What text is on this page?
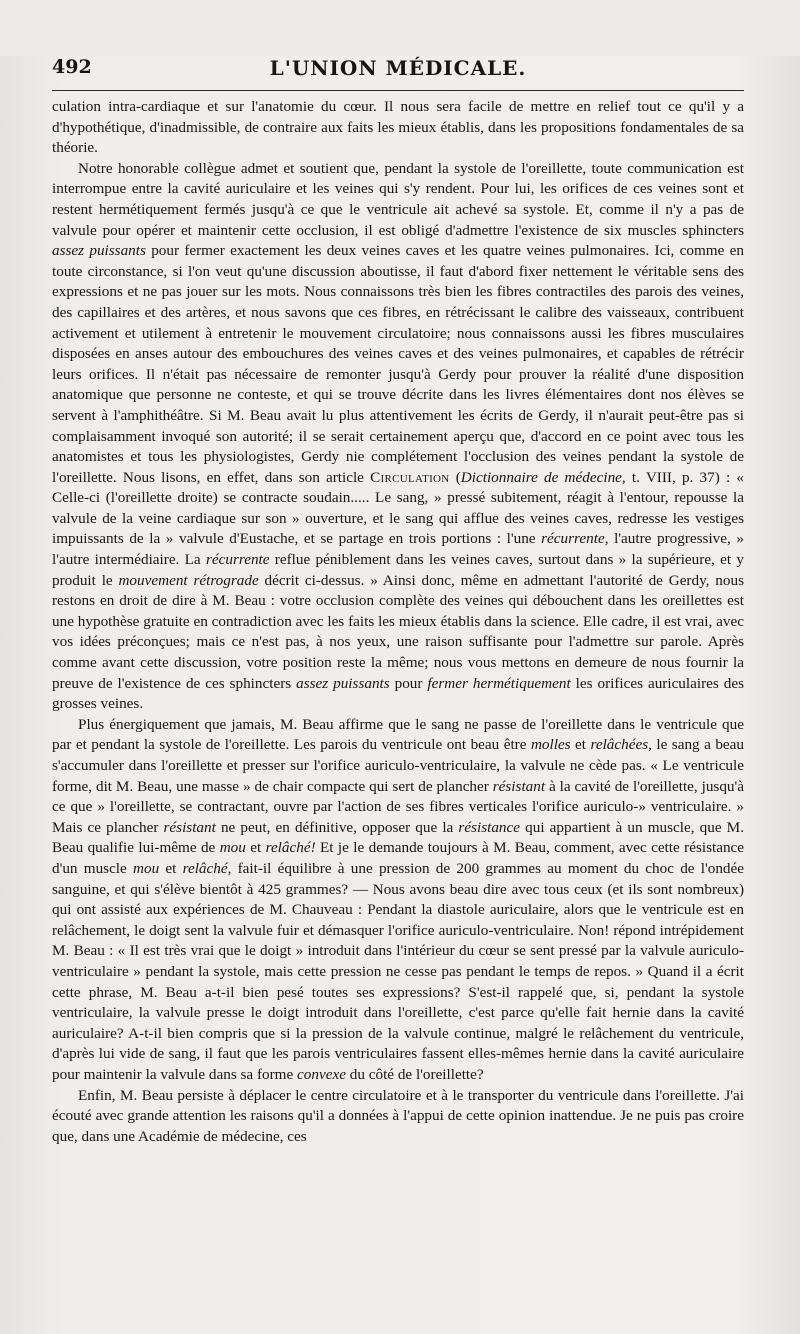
492	L'UNION MÉDICALE.

culation intra-cardiaque et sur l'anatomie du cœur. Il nous sera facile de mettre en relief tout ce qu'il y a d'hypothétique, d'inadmissible, de contraire aux faits les mieux établis, dans les propositions fondamentales de sa théorie.

Notre honorable collègue admet et soutient que, pendant la systole de l'oreillette, toute communication est interrompue entre la cavité auriculaire et les veines qui s'y rendent. Pour lui, les orifices de ces veines sont et restent hermétiquement fermés jusqu'à ce que le ventricule ait achevé sa systole. Et, comme il n'y a pas de valvule pour opérer et maintenir cette occlusion, il est obligé d'admettre l'existence de six muscles sphincters assez puissants pour fermer exactement les deux veines caves et les quatre veines pulmonaires. Ici, comme en toute circonstance, si l'on veut qu'une discussion aboutisse, il faut d'abord fixer nettement le véritable sens des expressions et ne pas jouer sur les mots. Nous connaissons très bien les fibres contractiles des parois des veines, des capillaires et des artères, et nous savons que ces fibres, en rétrécissant le calibre des vaisseaux, contribuent activement et utilement à entretenir le mouvement circulatoire; nous connaissons aussi les fibres musculaires disposées en anses autour des embouchures des veines caves et des veines pulmonaires, et capables de rétrécir leurs orifices. Il n'était pas nécessaire de remonter jusqu'à Gerdy pour prouver la réalité d'une disposition anatomique que personne ne conteste, et qui se trouve décrite dans les livres élémentaires dont nos élèves se servent à l'amphithéâtre. Si M. Beau avait lu plus attentivement les écrits de Gerdy, il n'aurait peut-être pas si complaisamment invoqué son autorité; il se serait certainement aperçu que, d'accord en ce point avec tous les anatomistes et tous les physiologistes, Gerdy nie complétement l'occlusion des veines pendant la systole de l'oreillette. Nous lisons, en effet, dans son article Circulation (Dictionnaire de médecine, t. VIII, p. 37) : « Celle-ci (l'oreillette droite) se contracte soudain..... Le sang, » pressé subitement, réagit à l'entour, repousse la valvule de la veine cardiaque sur son » ouverture, et le sang qui afflue des veines caves, redresse les vestiges impuissants de la » valvule d'Eustache, et se partage en trois portions : l'une récurrente, l'autre progressive, » l'autre intermédiaire. La récurrente reflue péniblement dans les veines caves, surtout dans » la supérieure, et y produit le mouvement rétrograde décrit ci-dessus. » Ainsi donc, même en admettant l'autorité de Gerdy, nous restons en droit de dire à M. Beau : votre occlusion complète des veines qui débouchent dans les oreillettes est une hypothèse gratuite en contradiction avec les faits les mieux établis dans la science. Elle cadre, il est vrai, avec vos idées préconçues; mais ce n'est pas, à nos yeux, une raison suffisante pour l'admettre sur parole. Après comme avant cette discussion, votre position reste la même; nous vous mettons en demeure de nous fournir la preuve de l'existence de ces sphincters assez puissants pour fermer hermétiquement les orifices auriculaires des grosses veines.

Plus énergiquement que jamais, M. Beau affirme que le sang ne passe de l'oreillette dans le ventricule que par et pendant la systole de l'oreillette. Les parois du ventricule ont beau être molles et relâchées, le sang a beau s'accumuler dans l'oreillette et presser sur l'orifice auriculo-ventriculaire, la valvule ne cède pas. « Le ventricule forme, dit M. Beau, une masse » de chair compacte qui sert de plancher résistant à la cavité de l'oreillette, jusqu'à ce que » l'oreillette, se contractant, ouvre par l'action de ses fibres verticales l'orifice auriculo-» ventriculaire. » Mais ce plancher résistant ne peut, en définitive, opposer que la résistance qui appartient à un muscle, que M. Beau qualifie lui-même de mou et relâché! Et je le demande toujours à M. Beau, comment, avec cette résistance d'un muscle mou et relâché, fait-il équilibre à une pression de 200 grammes au moment du choc de l'ondée sanguine, et qui s'élève bientôt à 425 grammes? — Nous avons beau dire avec tous ceux (et ils sont nombreux) qui ont assisté aux expériences de M. Chauveau : Pendant la diastole auriculaire, alors que le ventricule est en relâchement, le doigt sent la valvule fuir et démasquer l'orifice auriculo-ventriculaire. Non! répond intrépidement M. Beau : « Il est très vrai que le doigt » introduit dans l'intérieur du cœur se sent pressé par la valvule auriculo-ventriculaire » pendant la systole, mais cette pression ne cesse pas pendant le temps de repos. » Quand il a écrit cette phrase, M. Beau a-t-il bien pesé toutes ses expressions? S'est-il rappelé que, si, pendant la systole ventriculaire, la valvule presse le doigt introduit dans l'oreillette, c'est parce qu'elle fait hernie dans la cavité auriculaire? A-t-il bien compris que si la pression de la valvule continue, malgré le relâchement du ventricule, d'après lui vide de sang, il faut que les parois ventriculaires fassent elles-mêmes hernie dans la cavité auriculaire pour maintenir la valvule dans sa forme convexe du côté de l'oreillette?

Enfin, M. Beau persiste à déplacer le centre circulatoire et à le transporter du ventricule dans l'oreillette. J'ai écouté avec grande attention les raisons qu'il a données à l'appui de cette opinion inattendue. Je ne puis pas croire que, dans une Académie de médecine, ces
